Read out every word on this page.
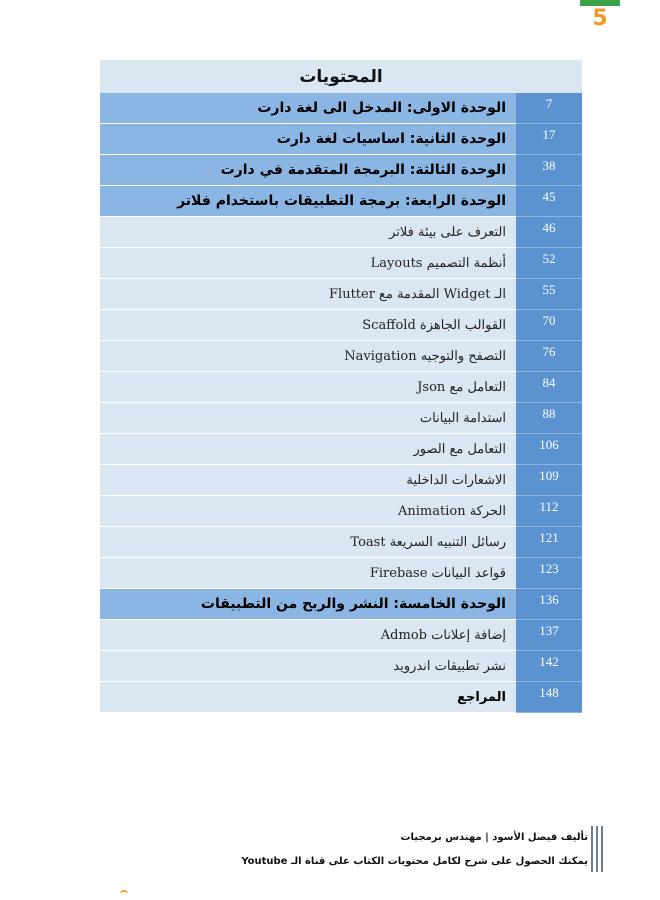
5
المحتويات
الوحدة الاولى: المدخل الى لغة دارت	7
الوحدة الثانية: اساسيات لغة دارت	17
الوحدة الثالثة: البرمجة المتقدمة في دارت	38
الوحدة الرابعة: برمجة التطبيقات باستخدام فلاتر	45
التعرف على بيئة فلاتر	46
أنظمة التصميم Layouts	52
الـ Widget المقدمة مع Flutter	55
القوالب الجاهزة Scaffold	70
التصفح والتوجيه Navigation	76
التعامل مع Json	84
استدامة البيانات	88
التعامل مع الصور	106
الاشعارات الداخلية	109
الحركة Animation	112
رسائل التنبيه السريعة Toast	121
قواعد البيانات Firebase	123
الوحدة الخامسة: النشر والربح من التطبيقات	136
إضافة إعلانات Admob	137
نشر تطبيقات اندرويد	142
المراجع	148
تأليف فيصل الأسود | مهندس برمجيات
يمكنك الحصول على شرح لكامل محتويات الكتاب على قناة الـ Youtube
